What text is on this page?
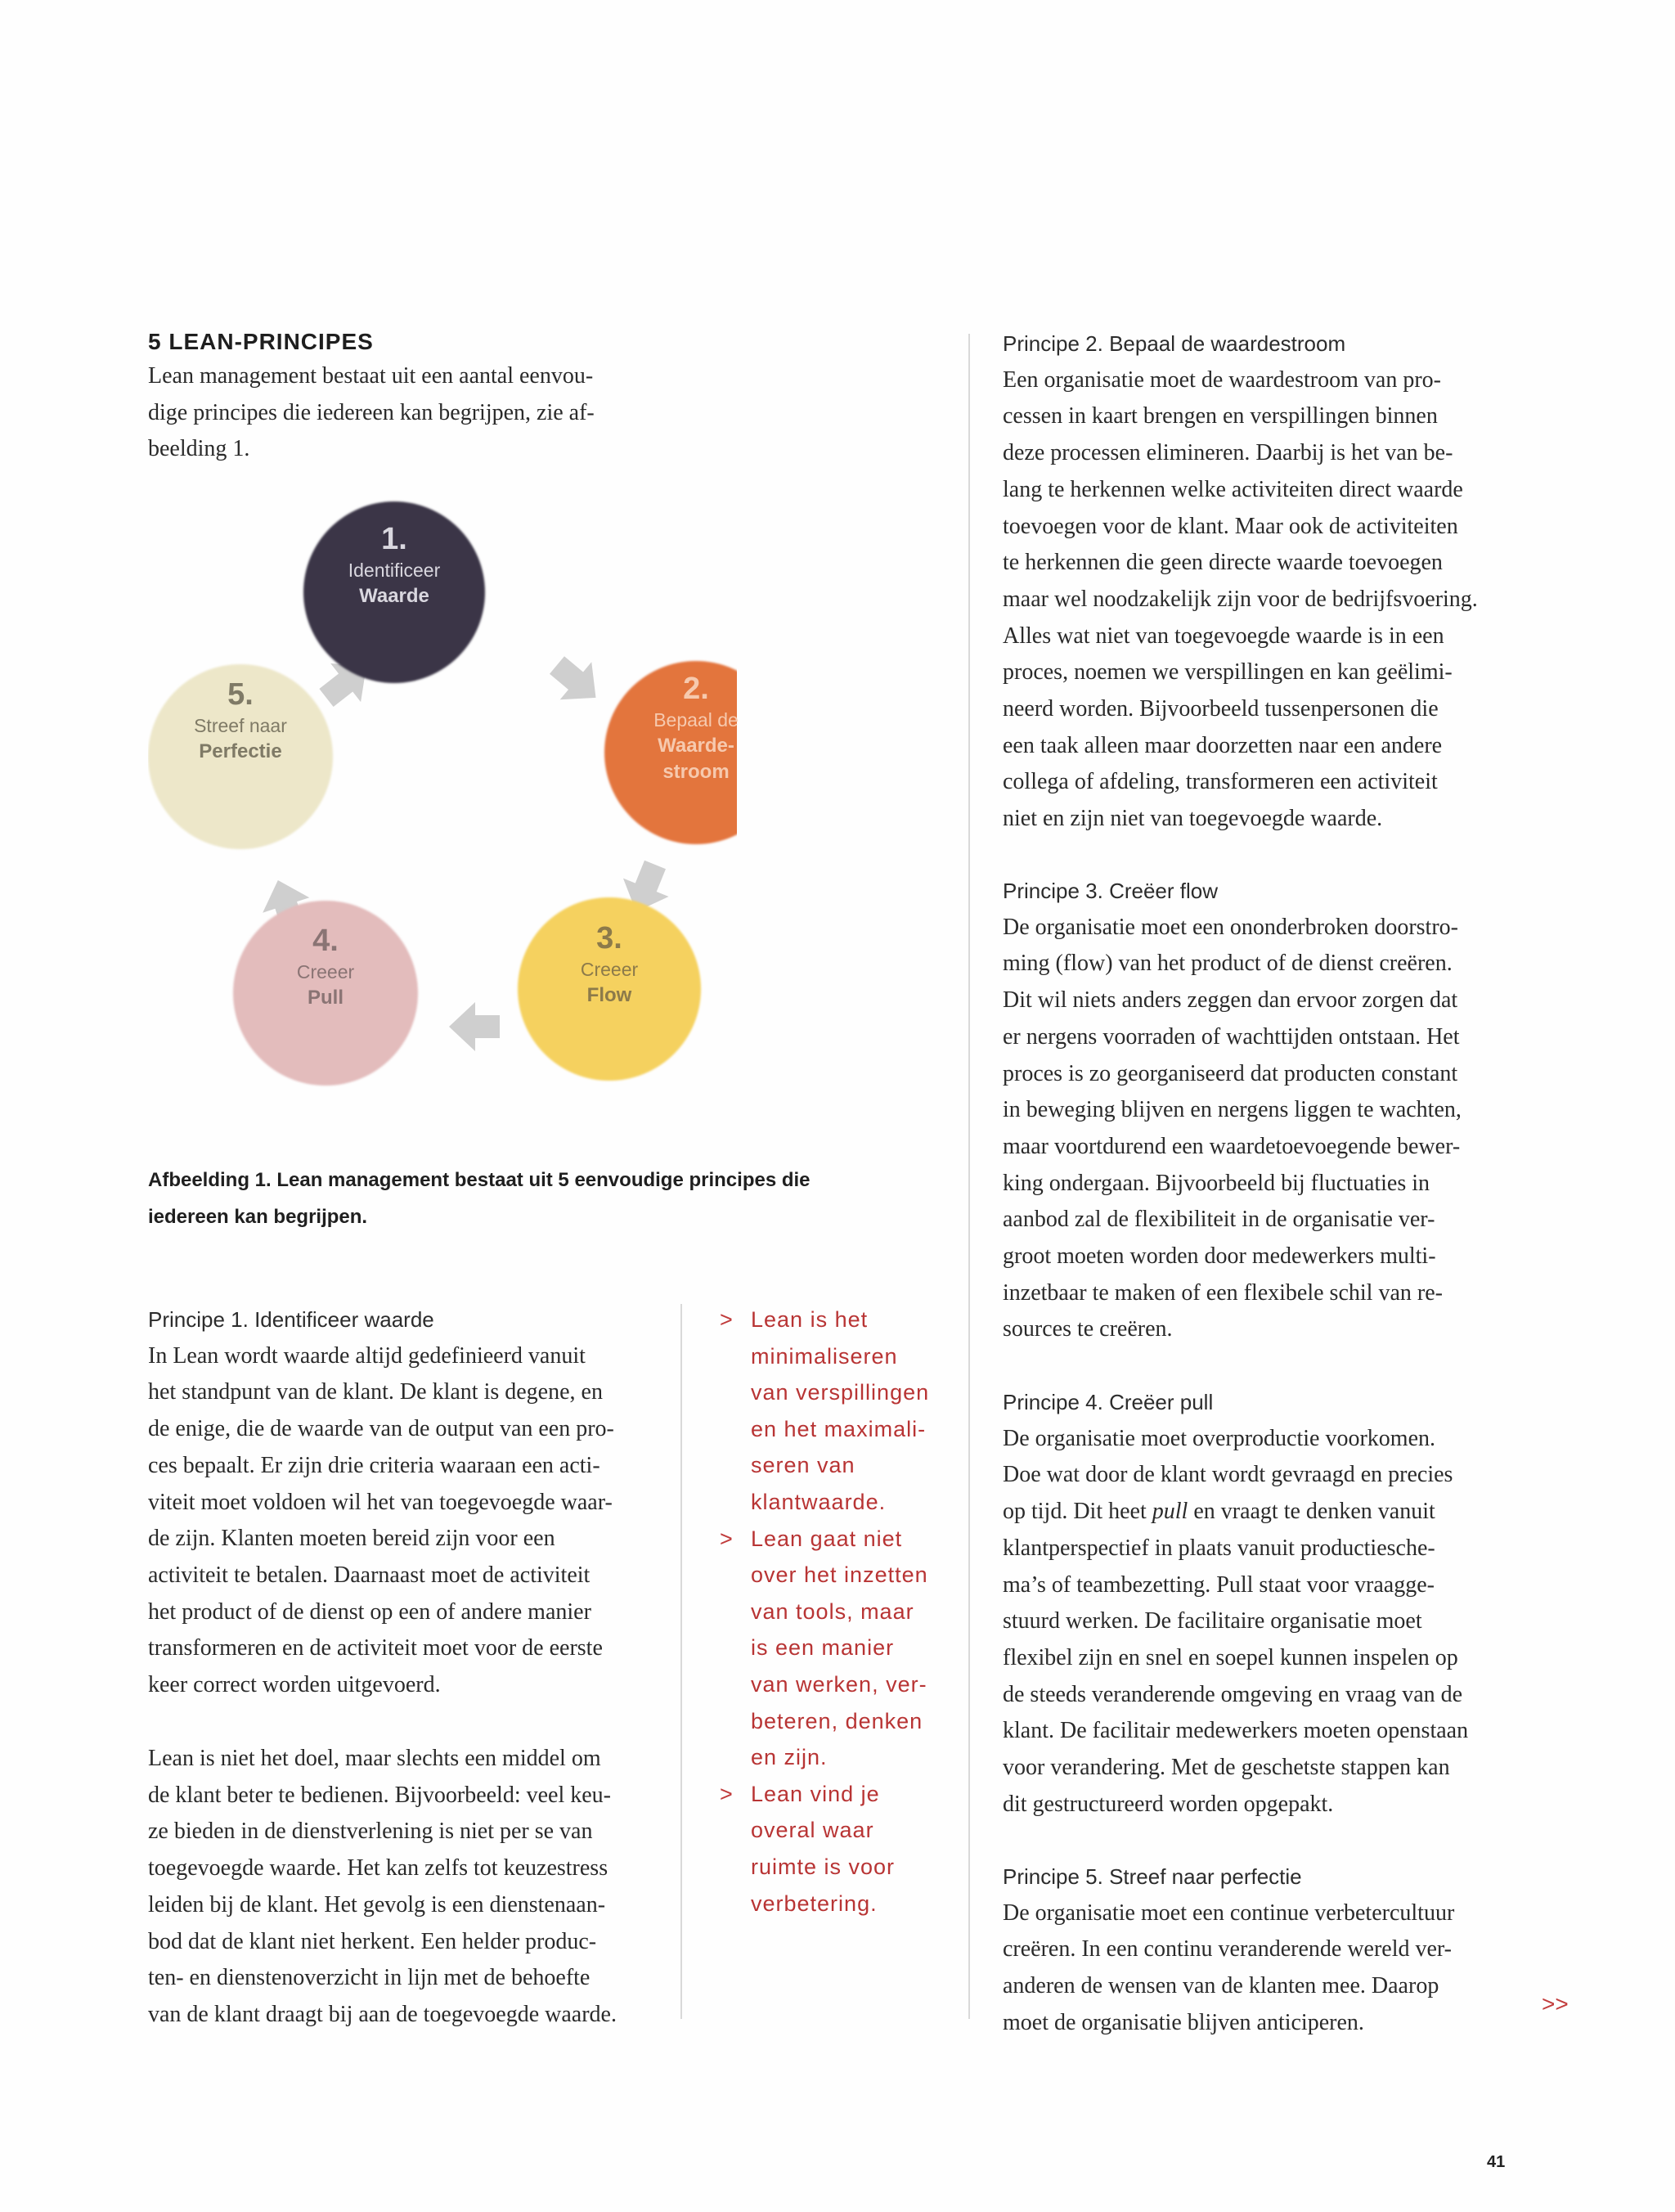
5 LEAN-PRINCIPES

Lean management bestaat uit een aantal eenvou-

dige principes die iedereen kan begrijpen, zie af-

beelding 1.

1.
Identificeer
Waarde
2.
Bepaal de
Waarde-
stroom
3.
Creeer
Flow
4.
Creeer
Pull
5.
Streef naar
Perfectie
Afbeelding 1. Lean management bestaat uit 5 eenvoudige principes die
iedereen kan begrijpen.

Principe 1. Identificeer waarde

In Lean wordt waarde altijd gedefinieerd vanuit

het standpunt van de klant. De klant is degene, en

de enige, die de waarde van de output van een pro-

ces bepaalt. Er zijn drie criteria waaraan een acti-

viteit moet voldoen wil het van toegevoegde waar-

de zijn. Klanten moeten bereid zijn voor een

activiteit te betalen. Daarnaast moet de activiteit

het product of de dienst op een of andere manier

transformeren en de activiteit moet voor de eerste

keer correct worden uitgevoerd.

Lean is niet het doel, maar slechts een middel om

de klant beter te bedienen. Bijvoorbeeld: veel keu-

ze bieden in de dienstverlening is niet per se van

toegevoegde waarde. Het kan zelfs tot keuzestress

leiden bij de klant. Het gevolg is een dienstenaan-

bod dat de klant niet herkent. Een helder produc-

ten- en dienstenoverzicht in lijn met de behoefte

van de klant draagt bij aan de toegevoegde waarde.

> Lean is het
minimaliseren
van verspillingen
en het maximali-
seren van
klantwaarde.
> Lean gaat niet
over het inzetten
van tools, maar
is een manier
van werken, ver-
beteren, denken
en zijn.
> Lean vind je
overal waar
ruimte is voor
verbetering.

Principe 2. Bepaal de waardestroom

Een organisatie moet de waardestroom van pro-

cessen in kaart brengen en verspillingen binnen

deze processen elimineren. Daarbij is het van be-

lang te herkennen welke activiteiten direct waarde

toevoegen voor de klant. Maar ook de activiteiten

te herkennen die geen directe waarde toevoegen

maar wel noodzakelijk zijn voor de bedrijfsvoering.

Alles wat niet van toegevoegde waarde is in een

proces, noemen we verspillingen en kan geëlimi-

neerd worden. Bijvoorbeeld tussenpersonen die

een taak alleen maar doorzetten naar een andere

collega of afdeling, transformeren een activiteit

niet en zijn niet van toegevoegde waarde.

Principe 3. Creëer flow

De organisatie moet een ononderbroken doorstro-

ming (flow) van het product of de dienst creëren.

Dit wil niets anders zeggen dan ervoor zorgen dat

er nergens voorraden of wachttijden ontstaan. Het

proces is zo georganiseerd dat producten constant

in beweging blijven en nergens liggen te wachten,

maar voortdurend een waardetoevoegende bewer-

king ondergaan. Bijvoorbeeld bij fluctuaties in

aanbod zal de flexibiliteit in de organisatie ver-

groot moeten worden door medewerkers multi-

inzetbaar te maken of een flexibele schil van re-

sources te creëren.

Principe 4. Creëer pull

De organisatie moet overproductie voorkomen.

Doe wat door de klant wordt gevraagd en precies

op tijd. Dit heet pull en vraagt te denken vanuit

klantperspectief in plaats vanuit productiesche-

ma’s of teambezetting. Pull staat voor vraagge-

stuurd werken. De facilitaire organisatie moet

flexibel zijn en snel en soepel kunnen inspelen op

de steeds veranderende omgeving en vraag van de

klant. De facilitair medewerkers moeten openstaan

voor verandering. Met de geschetste stappen kan

dit gestructureerd worden opgepakt.

Principe 5. Streef naar perfectie

De organisatie moet een continue verbetercultuur

creëren. In een continu veranderende wereld ver-

anderen de wensen van de klanten mee. Daarop

moet de organisatie blijven anticiperen.

>>
41
